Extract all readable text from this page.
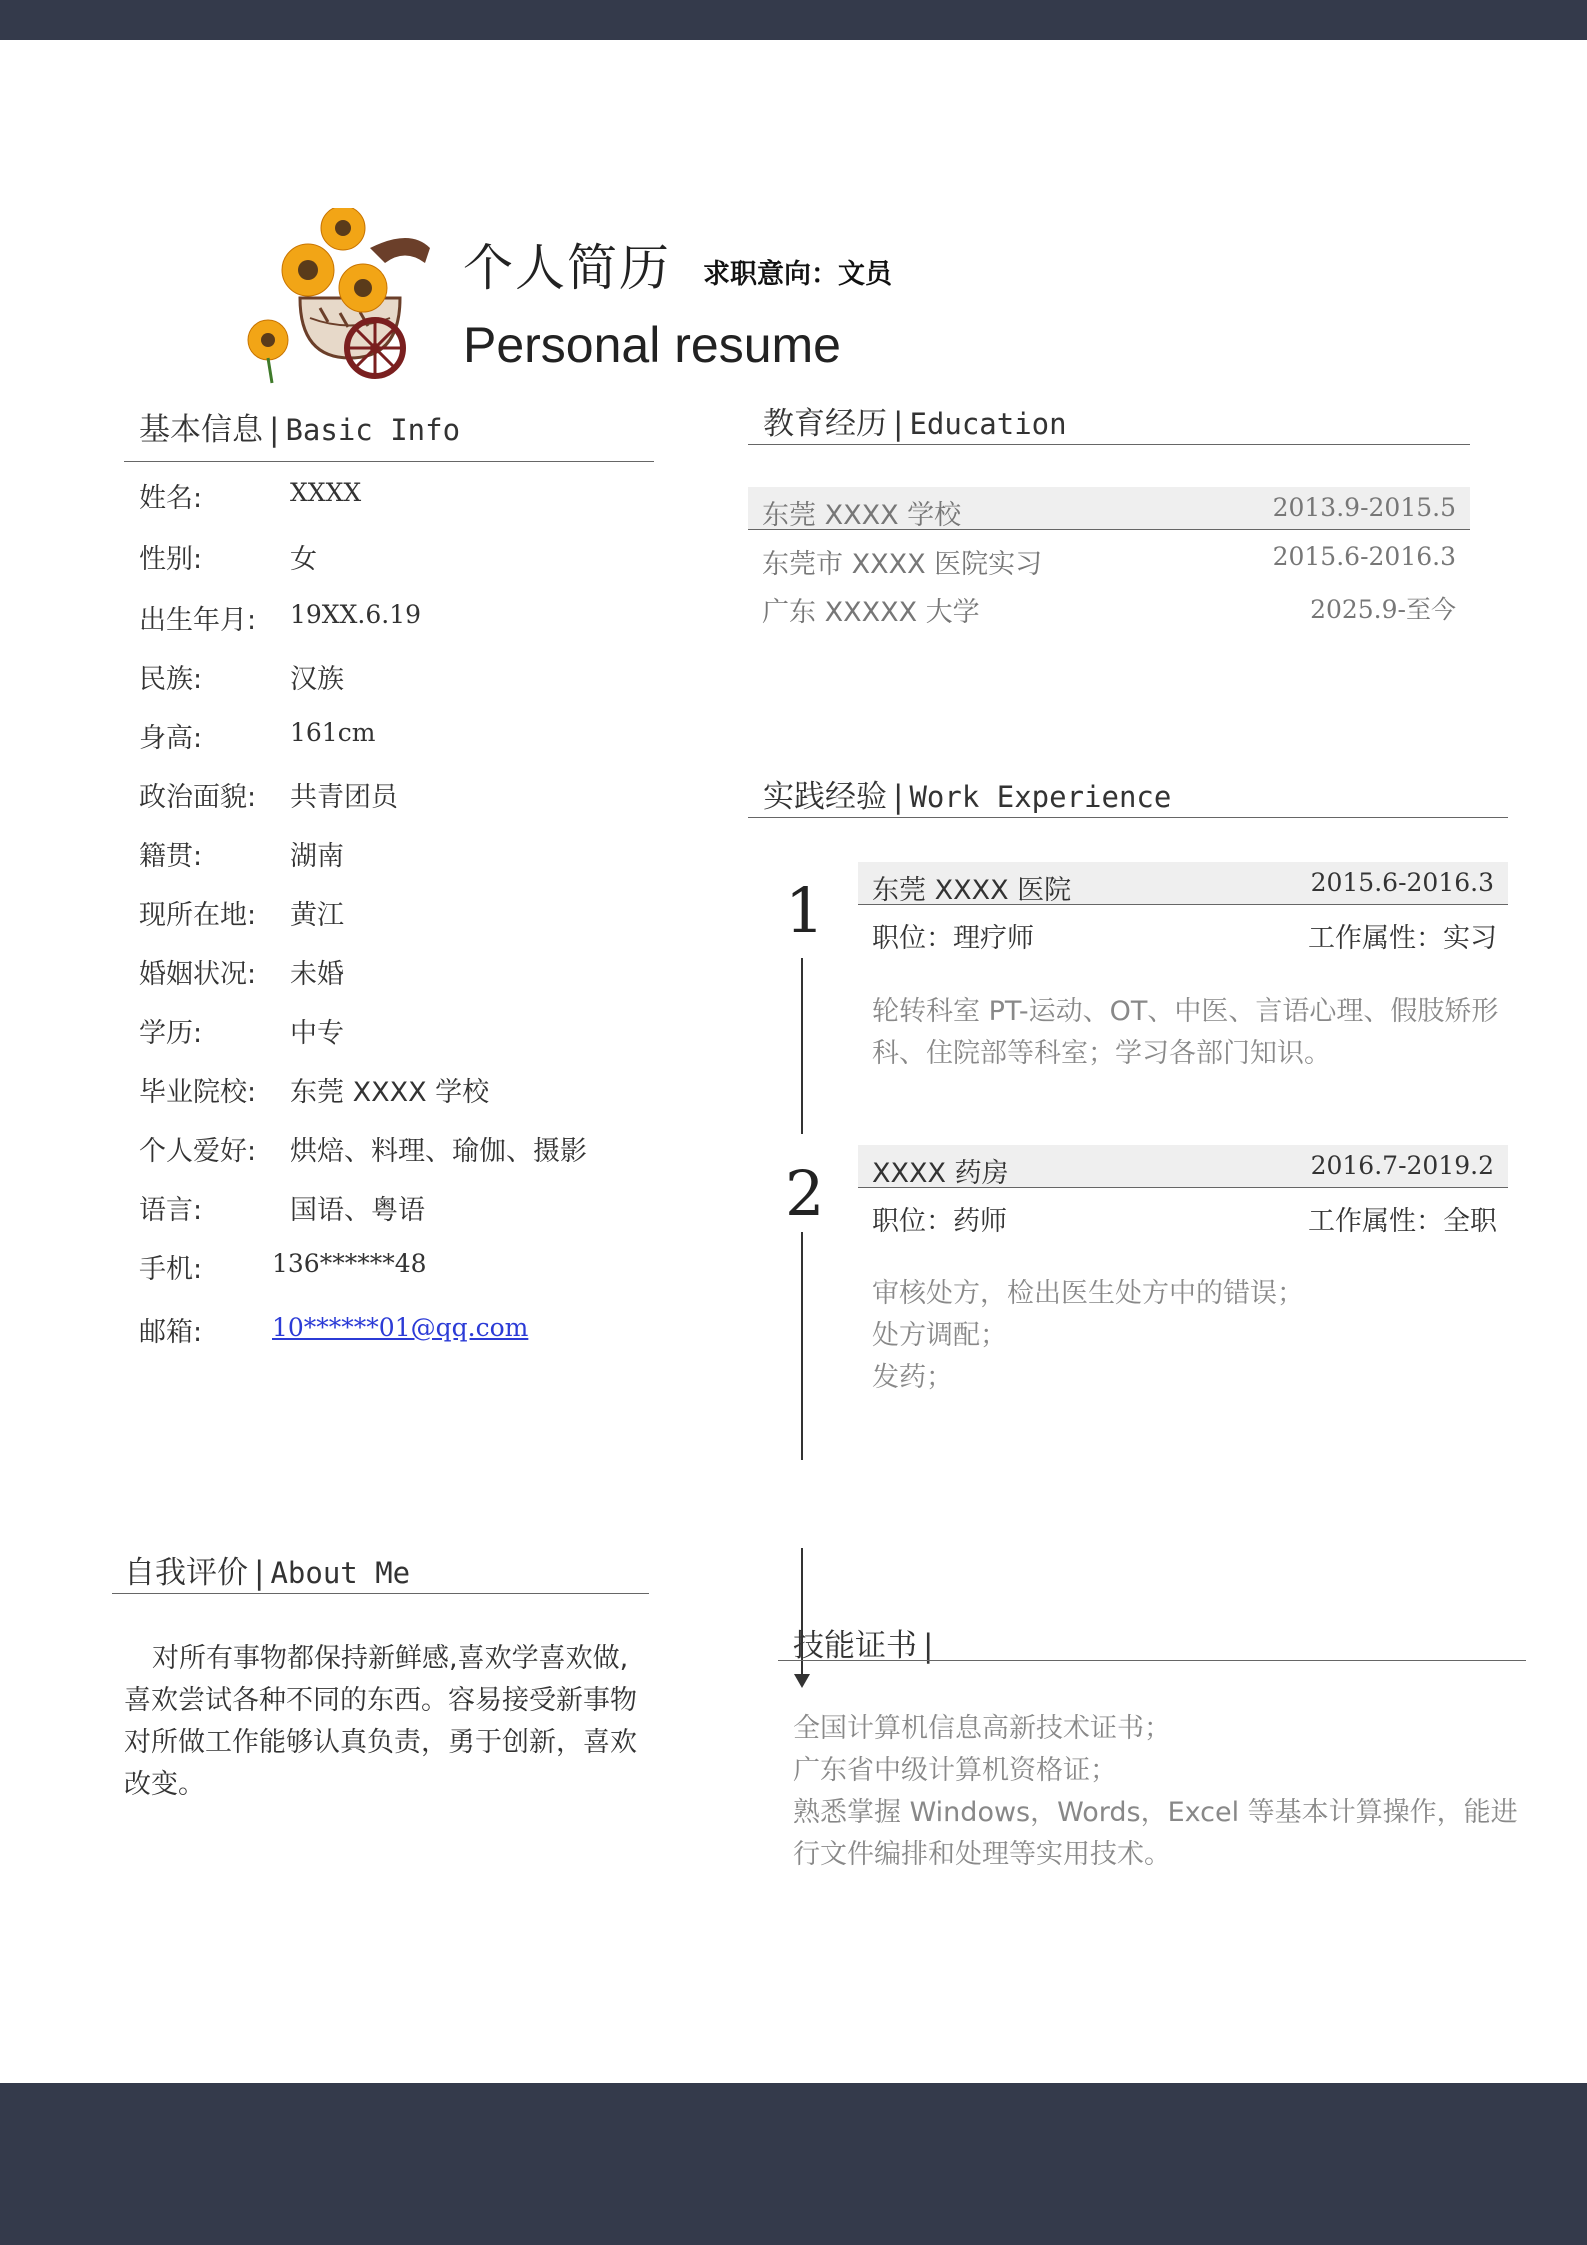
个人简历 求职意向：文员
Personal resume
基本信息 | Basic Info
姓名:	XXXX
性别:	女
出生年月: 19XX.6.19
民族:	汉族
身高:	161cm
政治面貌: 共青团员
籍贯:	湖南
现所在地: 黄江
婚姻状况: 未婚
学历:	中专
毕业院校: 东莞 XXXX 学校
个人爱好: 烘焙、料理、瑜伽、摄影
语言:	国语、粤语
手机:	136******48
邮箱:	10******01@qq.com
教育经历 | Education
东莞 XXXX 学校	2013.9-2015.5
东莞市 XXXX 医院实习	2015.6-2016.3
广东 XXXXX 大学	2025.9-至今
实践经验 | Work Experience
1 东莞 XXXX 医院	2015.6-2016.3
职位：理疗师	工作属性：实习
轮转科室 PT-运动、OT、中医、言语心理、假肢矫形科、住院部等科室；学习各部门知识。
2 XXXX 药房	2016.7-2019.2
职位：药师	工作属性：全职
审核处方，检出医生处方中的错误；
处方调配；
发药；
自我评价 | About Me
对所有事物都保持新鲜感,喜欢学喜欢做,喜欢尝试各种不同的东西。容易接受新事物对所做工作能够认真负责，勇于创新，喜欢改变。
技能证书 |
全国计算机信息高新技术证书；
广东省中级计算机资格证；
熟悉掌握 Windows，Words，Excel 等基本计算操作，能进行文件编排和处理等实用技术。
